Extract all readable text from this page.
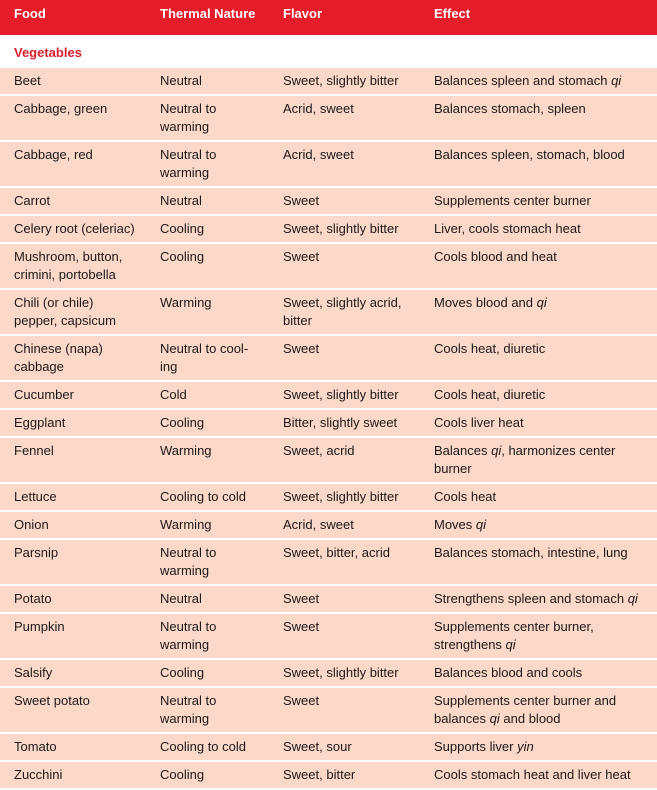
Food	Thermal Nature	Flavor	Effect
Vegetables			
Beet	Neutral	Sweet, slightly bitter	Balances spleen and stomach qi
Cabbage, green	Neutral to warming	Acrid, sweet	Balances stomach, spleen
Cabbage, red	Neutral to warming	Acrid, sweet	Balances spleen, stomach, blood
Carrot	Neutral	Sweet	Supplements center burner
Celery root (celeriac)	Cooling	Sweet, slightly bitter	Liver, cools stomach heat
Mushroom, button, crimini, portobella	Cooling	Sweet	Cools blood and heat
Chili (or chile) pepper, capsicum	Warming	Sweet, slightly acrid, bitter	Moves blood and qi
Chinese (napa) cabbage	Neutral to cool-ing	Sweet	Cools heat, diuretic
Cucumber	Cold	Sweet, slightly bitter	Cools heat, diuretic
Eggplant	Cooling	Bitter, slightly sweet	Cools liver heat
Fennel	Warming	Sweet, acrid	Balances qi, harmonizes center burner
Lettuce	Cooling to cold	Sweet, slightly bitter	Cools heat
Onion	Warming	Acrid, sweet	Moves qi
Parsnip	Neutral to warming	Sweet, bitter, acrid	Balances stomach, intestine, lung
Potato	Neutral	Sweet	Strengthens spleen and stomach qi
Pumpkin	Neutral to warming	Sweet	Supplements center burner, strengthens qi
Salsify	Cooling	Sweet, slightly bitter	Balances blood and cools
Sweet potato	Neutral to warming	Sweet	Supplements center burner and balances qi and blood
Tomato	Cooling to cold	Sweet, sour	Supports liver yin
Zucchini	Cooling	Sweet, bitter	Cools stomach heat and liver heat
